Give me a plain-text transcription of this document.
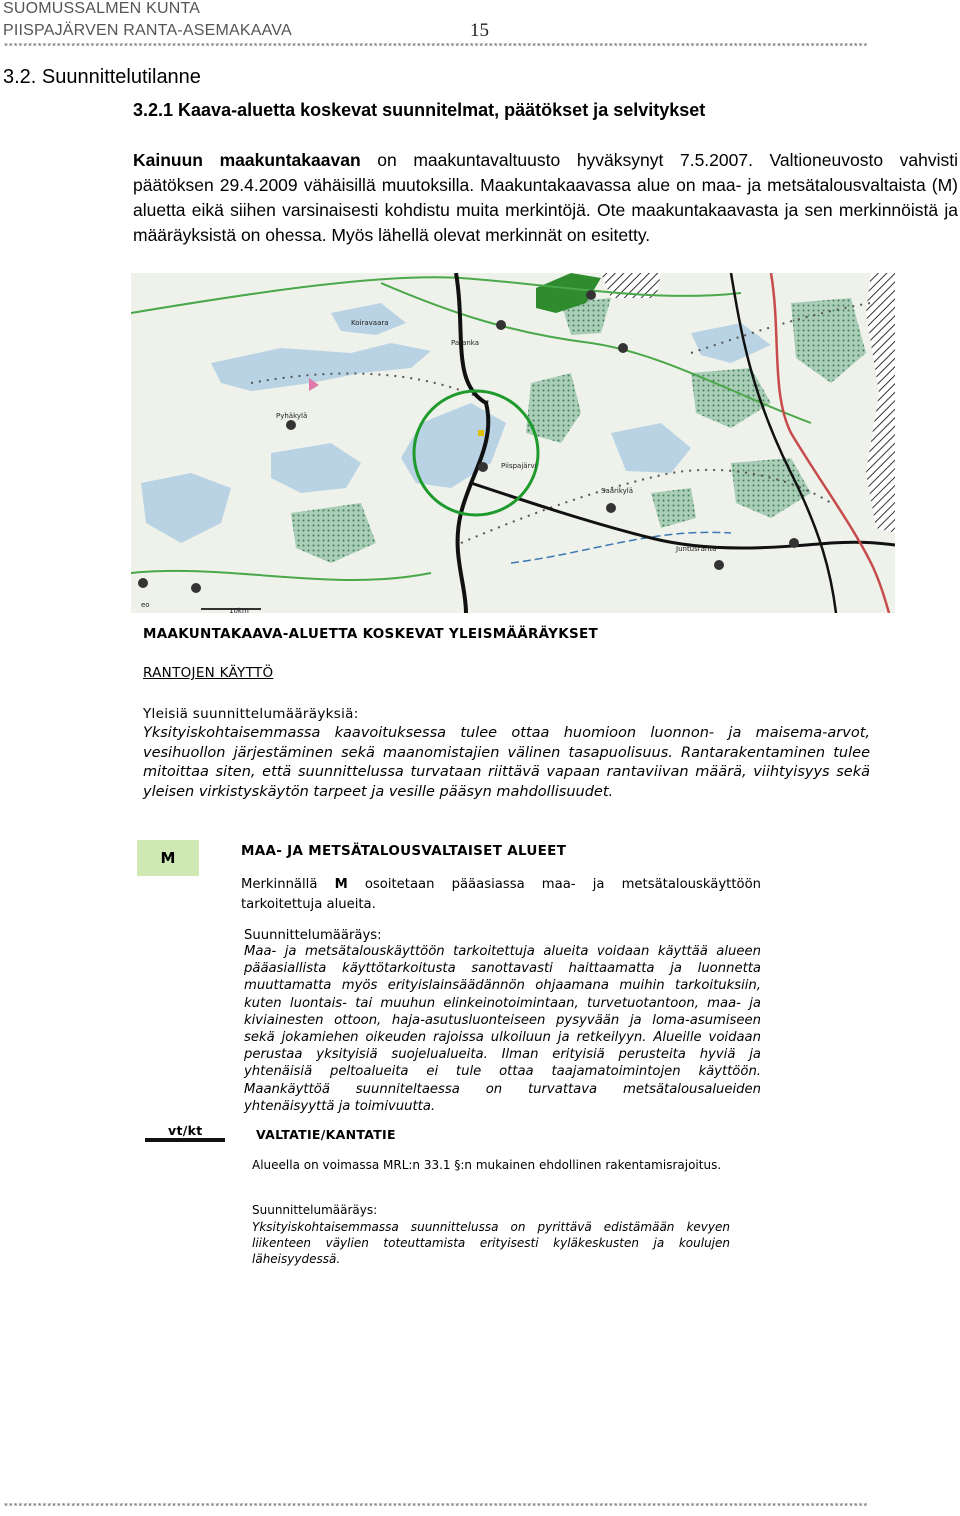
SUOMUSSALMEN KUNTA
PIISPAJÄRVEN RANTA-ASEMAKAAVA	15
************************************************************************************************************************************************************************************
3.2. Suunnittelutilanne
3.2.1 Kaava-aluetta koskevat suunnitelmat, päätökset ja selvitykset
Kainuun maakuntakaavan on maakuntavaltuusto hyväksynyt 7.5.2007. Valtioneuvosto vahvisti päätöksen 29.4.2009 vähäisillä muutoksilla. Maakuntakaavassa alue on maa- ja metsätalousvaltaista (M) aluetta eikä siihen varsinaisesti kohdistu muita merkintöjä. Ote maakuntakaavasta ja sen merkinnöistä ja määräyksistä on ohessa. Myös lähellä olevat merkinnät on esitetty.
Piispajärvi
Koiravaara
Pyhäkylä
Paranka
Saarikylä
Juntusranta
eo
10km
MAAKUNTAKAAVA-ALUETTA KOSKEVAT YLEISMÄÄRÄYKSET
RANTOJEN KÄYTTÖ
Yleisiä suunnittelumääräyksiä:
Yksityiskohtaisemmassa kaavoituksessa tulee ottaa huomioon luonnon- ja maisema-arvot, vesihuollon järjestäminen sekä maanomistajien välinen tasapuolisuus. Rantarakentaminen tulee mitoittaa siten, että suunnittelussa turvataan riittävä vapaan rantaviivan määrä, viihtyisyys sekä yleisen virkistyskäytön tarpeet ja vesille pääsyn mahdollisuudet.
M	MAA- JA METSÄTALOUSVALTAISET ALUEET
Merkinnällä M osoitetaan pääasiassa maa- ja metsätalouskäyttöön tarkoitettuja alueita.
Suunnittelumääräys:
Maa- ja metsätalouskäyttöön tarkoitettuja alueita voidaan käyttää alueen pääasiallista käyttötarkoitusta sanottavasti haittaamatta ja luonnetta muuttamatta myös erityislainsäädännön ohjaamana muihin tarkoituksiin, kuten luontais- tai muuhun elinkeinotoimintaan, turvetuotantoon, maa- ja kiviainesten ottoon, haja-asutusluonteiseen pysyvään ja loma-asumiseen sekä jokamiehen oikeuden rajoissa ulkoiluun ja retkeilyyn. Alueille voidaan perustaa yksityisiä suojelualueita. Ilman erityisiä perusteita hyviä ja yhtenäisiä peltoalueita ei tule ottaa taajamatoimintojen käyttöön. Maankäyttöä suunniteltaessa on turvattava metsätalousalueiden yhtenäisyyttä ja toimivuutta.
vt/kt	VALTATIE/KANTATIE
Alueella on voimassa MRL:n 33.1 §:n mukainen ehdollinen rakentamisrajoitus.
Suunnittelumääräys:
Yksityiskohtaisemmassa suunnittelussa on pyrittävä edistämään kevyen liikenteen väylien toteuttamista erityisesti kyläkeskusten ja koulujen läheisyydessä.
************************************************************************************************************************************************************************************
